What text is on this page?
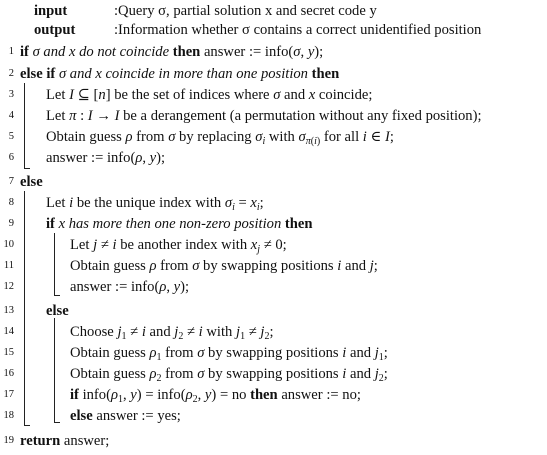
input	:Query σ, partial solution x and secret code y
output	:Information whether σ contains a correct unidentified position
1
2
3
4
5
6
7
8
9
10
11
12
13
14
15
16
17
18
19
if σ and x do not coincide then answer := info(σ, y);
else if σ and x coincide in more than one position then
Let I ⊆ [n] be the set of indices where σ and x coincide;
Let π : I → I be a derangement (a permutation without any fixed position);
Obtain guess ρ from σ by replacing $\sigma_i$ with $\sigma_{\pi(i)}$ for all i ∈ I;
answer := info(ρ, y);
else
Let i be the unique index with $\sigma_i = x_i$;
if x has more then one non-zero position then
Let j ≠ i be another index with $x_j \ne 0$;
Obtain guess ρ from σ by swapping positions i and j;
answer := info(ρ, y);
else
Choose $j_1 \ne i$ and $j_2 \ne i$ with $j_1 \ne j_2$;
Obtain guess $\rho_1$ from σ by swapping positions i and $j_1$;
Obtain guess $\rho_2$ from σ by swapping positions i and $j_2$;
if $info(\rho_1$, $y) = info(\rho_2$, y) = no then answer := no;
else answer := yes;
return answer;
